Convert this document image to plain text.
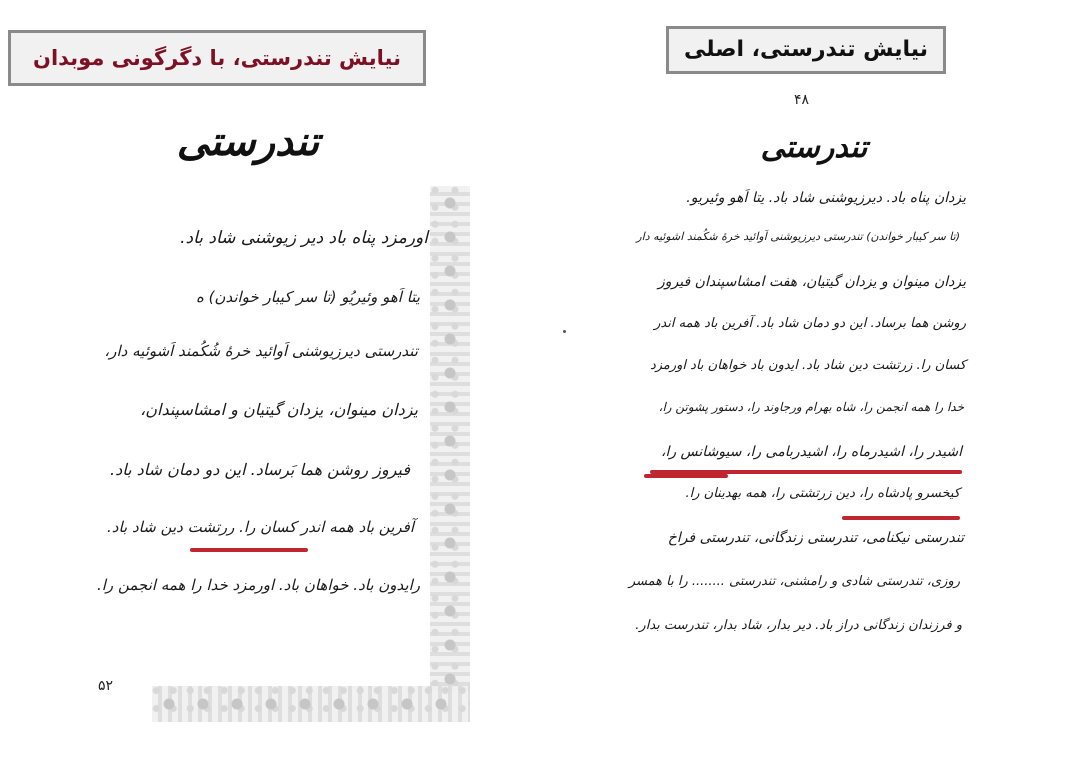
نیایش تندرستی، با دگرگونی موبدان	نیایش تندرستی، اصلی
تندرستی
اورمزد پناه باد دیر زیوشنی شاد باد.
یتا اَهو وئیریُو (تا سر کیبار خواندن) ه
تندرستی دیرزیوشنی اَوائید خرهٔ شُکُمند اَشوئیه دار،
یزدان مینوان، یزدان گیتیان و امشاسپندان،
فیروز روشن هما بَرساد. این دو دمان شاد باد.
آفرین باد همه اندر کسان را. ررتشت دین شاد باد.
رایدون باد. خواهان باد. اورمزد خدا را همه انجمن را.
۵۲
۴۸
تندرستی
یزدان پناه باد. دیرزیوشنی شاد باد. یتا اَهو وئیریو.
(تا سر کیبار خواندن) تندرستی دیرزیوشنی اَوائید خرهٔ شکُمند اشوئیه دار
یزدان مینوان و یزدان گیتیان، هفت امشاسپندان فیروز
روشن هما برساد. این دو دمان شاد باد. آفرین باد همه اندر
کسان را. زرتشت دین شاد باد. ایدون باد خواهان باد اورمزد
خدا را همه انجمن را، شاه بهرام ورجاوند را، دستور پشوتن را،
اشیدر را، اشیدرماه را، اشیدربامی را، سیوشانس را،
کیخسرو پادشاه را، دین زرتشتی را، همه بهدینان را.
تندرستی نیکنامی، تندرستی زندگانی، تندرستی فراخ
روزی، تندرستی شادی و رامشنی، تندرستی ........ را با همسر
و فرزندان زندگانی دراز باد. دیر بدار، شاد بدار، تندرست بدار.
